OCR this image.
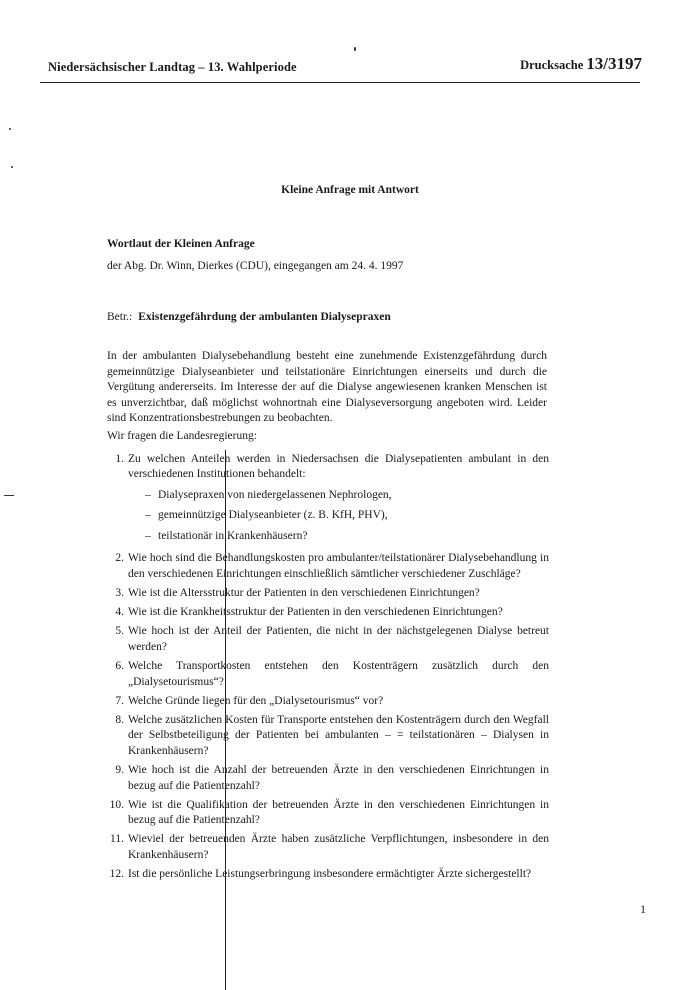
Niedersächsischer Landtag – 13. Wahlperiode	Drucksache 13/3197
Kleine Anfrage mit Antwort
Wortlaut der Kleinen Anfrage
der Abg. Dr. Winn, Dierkes (CDU), eingegangen am 24. 4. 1997
Betr.: Existenzgefährdung der ambulanten Dialysepraxen
In der ambulanten Dialysebehandlung besteht eine zunehmende Existenzgefährdung durch gemeinnützige Dialyseanbieter und teilstationäre Einrichtungen einerseits und durch die Vergütung andererseits. Im Interesse der auf die Dialyse angewiesenen kranken Menschen ist es unverzichtbar, daß möglichst wohnortnah eine Dialyseversorgung angeboten wird. Leider sind Konzentrationsbestrebungen zu beobachten.
Wir fragen die Landesregierung:
1. Zu welchen Anteilen werden in Niedersachsen die Dialysepatienten ambulant in den verschiedenen Institutionen behandelt:
– Dialysepraxen von niedergelassenen Nephrologen,
– gemeinnützige Dialyseanbieter (z. B. KfH, PHV),
– teilstationär in Krankenhäusern?
2. Wie hoch sind die Behandlungskosten pro ambulanter/teilstationärer Dialysebehandlung in den verschiedenen Einrichtungen einschließlich sämtlicher verschiedener Zuschläge?
3. Wie ist die Altersstruktur der Patienten in den verschiedenen Einrichtungen?
4. Wie ist die Krankheitsstruktur der Patienten in den verschiedenen Einrichtungen?
5. Wie hoch ist der Anteil der Patienten, die nicht in der nächstgelegenen Dialyse betreut werden?
6. Welche Transportkosten entstehen den Kostenträgern zusätzlich durch den „Dialysetourismus“?
7. Welche Gründe liegen für den „Dialysetourismus“ vor?
8. Welche zusätzlichen Kosten für Transporte entstehen den Kostenträgern durch den Wegfall der Selbstbeteiligung der Patienten bei ambulanten – = teilstationären – Dialysen in Krankenhäusern?
9. Wie hoch ist die Anzahl der betreuenden Ärzte in den verschiedenen Einrichtungen in bezug auf die Patientenzahl?
10. Wie ist die Qualifikation der betreuenden Ärzte in den verschiedenen Einrichtungen in bezug auf die Patientenzahl?
11. Wieviel der betreuenden Ärzte haben zusätzliche Verpflichtungen, insbesondere in den Krankenhäusern?
12. Ist die persönliche Leistungserbringung insbesondere ermächtigter Ärzte sichergestellt?
1
